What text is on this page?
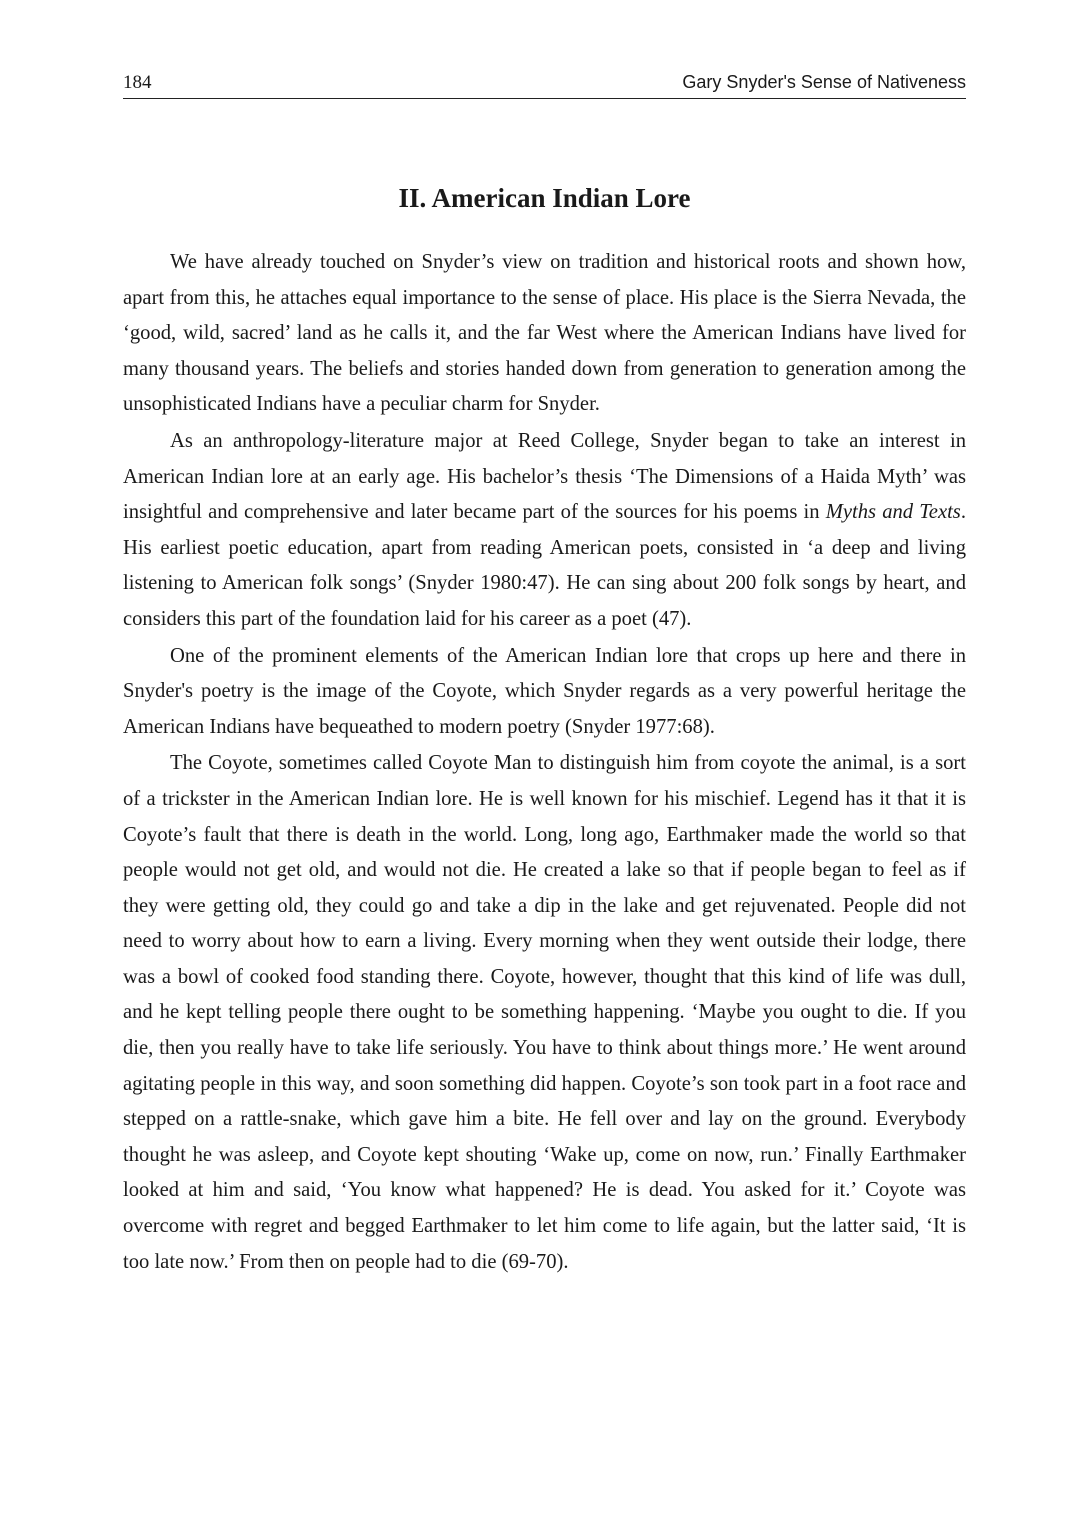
184	Gary Snyder's Sense of Nativeness
II. American Indian Lore

We have already touched on Snyder’s view on tradition and historical roots and shown how, apart from this, he attaches equal importance to the sense of place. His place is the Sierra Nevada, the ‘good, wild, sacred’ land as he calls it, and the far West where the American Indians have lived for many thousand years. The beliefs and stories handed down from generation to generation among the unsophisticated Indians have a peculiar charm for Snyder.

As an anthropology-literature major at Reed College, Snyder began to take an interest in American Indian lore at an early age. His bachelor’s thesis ‘The Dimensions of a Haida Myth’ was insightful and comprehensive and later became part of the sources for his poems in Myths and Texts. His earliest poetic education, apart from reading American poets, consisted in ‘a deep and living listening to American folk songs’ (Snyder 1980:47). He can sing about 200 folk songs by heart, and considers this part of the foundation laid for his career as a poet (47).

One of the prominent elements of the American Indian lore that crops up here and there in Snyder's poetry is the image of the Coyote, which Snyder regards as a very powerful heritage the American Indians have bequeathed to modern poetry (Snyder 1977:68).

The Coyote, sometimes called Coyote Man to distinguish him from coyote the animal, is a sort of a trickster in the American Indian lore. He is well known for his mischief. Legend has it that it is Coyote’s fault that there is death in the world. Long, long ago, Earthmaker made the world so that people would not get old, and would not die. He created a lake so that if people began to feel as if they were getting old, they could go and take a dip in the lake and get rejuvenated. People did not need to worry about how to earn a living. Every morning when they went outside their lodge, there was a bowl of cooked food standing there. Coyote, however, thought that this kind of life was dull, and he kept telling people there ought to be something happening. ‘Maybe you ought to die. If you die, then you really have to take life seriously. You have to think about things more.’ He went around agitating people in this way, and soon something did happen. Coyote’s son took part in a foot race and stepped on a rattle-snake, which gave him a bite. He fell over and lay on the ground. Everybody thought he was asleep, and Coyote kept shouting ‘Wake up, come on now, run.’ Finally Earthmaker looked at him and said, ‘You know what happened? He is dead. You asked for it.’ Coyote was overcome with regret and begged Earthmaker to let him come to life again, but the latter said, ‘It is too late now.’ From then on people had to die (69-70).
